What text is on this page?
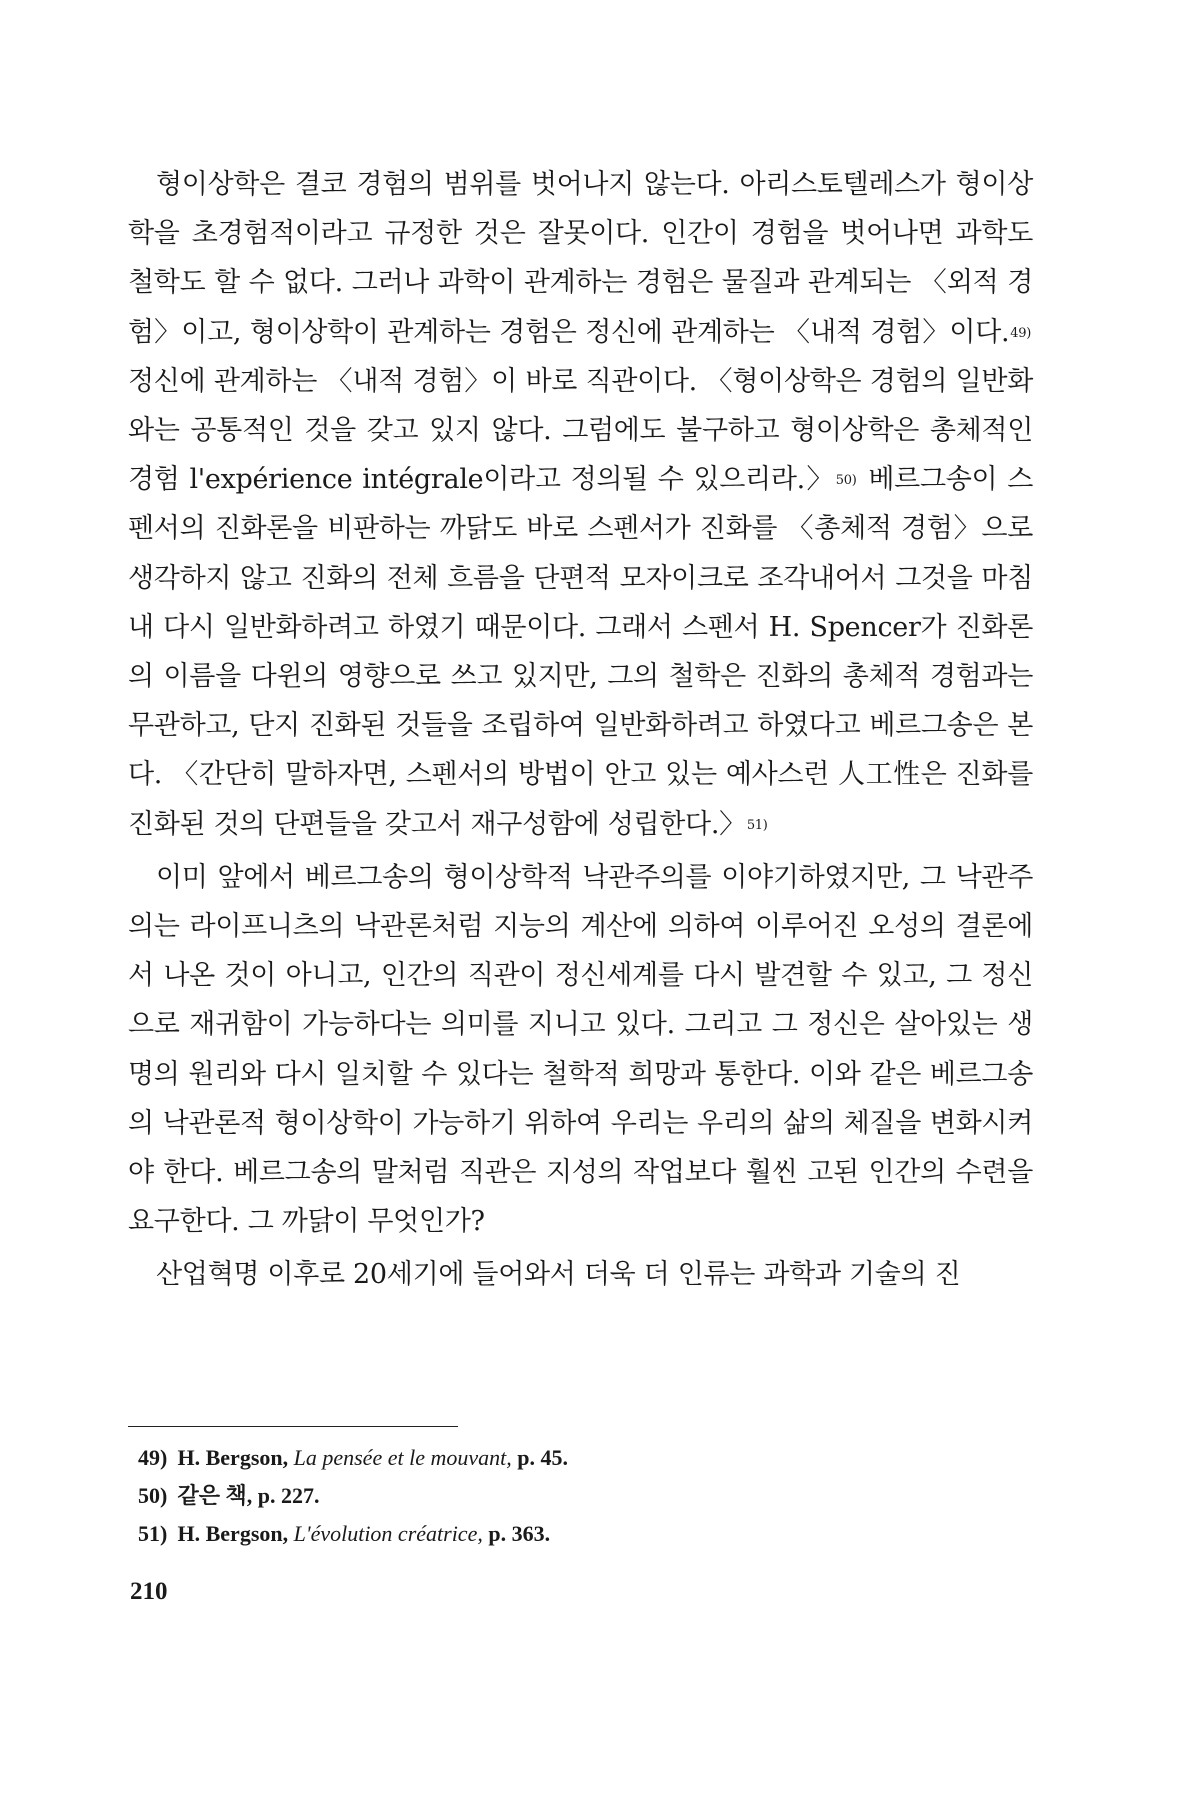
형이상학은 결코 경험의 범위를 벗어나지 않는다. 아리스토텔레스가 형이상학을 초경험적이라고 규정한 것은 잘못이다. 인간이 경험을 벗어나면 과학도 철학도 할 수 없다. 그러나 과학이 관계하는 경험은 물질과 관계되는 〈외적 경험〉이고, 형이상학이 관계하는 경험은 정신에 관계하는 〈내적 경험〉이다.$^{49)}$ 정신에 관계하는 〈내적 경험〉이 바로 직관이다. 〈형이상학은 경험의 일반화와는 공통적인 것을 갖고 있지 않다. 그럼에도 불구하고 형이상학은 총체적인 경험 l'expérience intégrale이라고 정의될 수 있으리라.〉$^{50)}$ 베르그송이 스펜서의 진화론을 비판하는 까닭도 바로 스펜서가 진화를 〈총체적 경험〉으로 생각하지 않고 진화의 전체 흐름을 단편적 모자이크로 조각내어서 그것을 마침내 다시 일반화하려고 하였기 때문이다. 그래서 스펜서 H. Spencer가 진화론의 이름을 다윈의 영향으로 쓰고 있지만, 그의 철학은 진화의 총체적 경험과는 무관하고, 단지 진화된 것들을 조립하여 일반화하려고 하였다고 베르그송은 본다. 〈간단히 말하자면, 스펜서의 방법이 안고 있는 예사스런 人工性은 진화를 진화된 것의 단편들을 갖고서 재구성함에 성립한다.〉$^{51)}$

이미 앞에서 베르그송의 형이상학적 낙관주의를 이야기하였지만, 그 낙관주의는 라이프니츠의 낙관론처럼 지능의 계산에 의하여 이루어진 오성의 결론에서 나온 것이 아니고, 인간의 직관이 정신세계를 다시 발견할 수 있고, 그 정신으로 재귀함이 가능하다는 의미를 지니고 있다. 그리고 그 정신은 살아있는 생명의 원리와 다시 일치할 수 있다는 철학적 희망과 통한다. 이와 같은 베르그송의 낙관론적 형이상학이 가능하기 위하여 우리는 우리의 삶의 체질을 변화시켜야 한다. 베르그송의 말처럼 직관은 지성의 작업보다 훨씬 고된 인간의 수련을 요구한다. 그 까닭이 무엇인가?

산업혁명 이후로 20세기에 들어와서 더욱 더 인류는 과학과 기술의 진

49) H. Bergson, La pensée et le mouvant, p. 45.
50) 같은 책, p. 227.
51) H. Bergson, L'évolution créatrice, p. 363.
210
